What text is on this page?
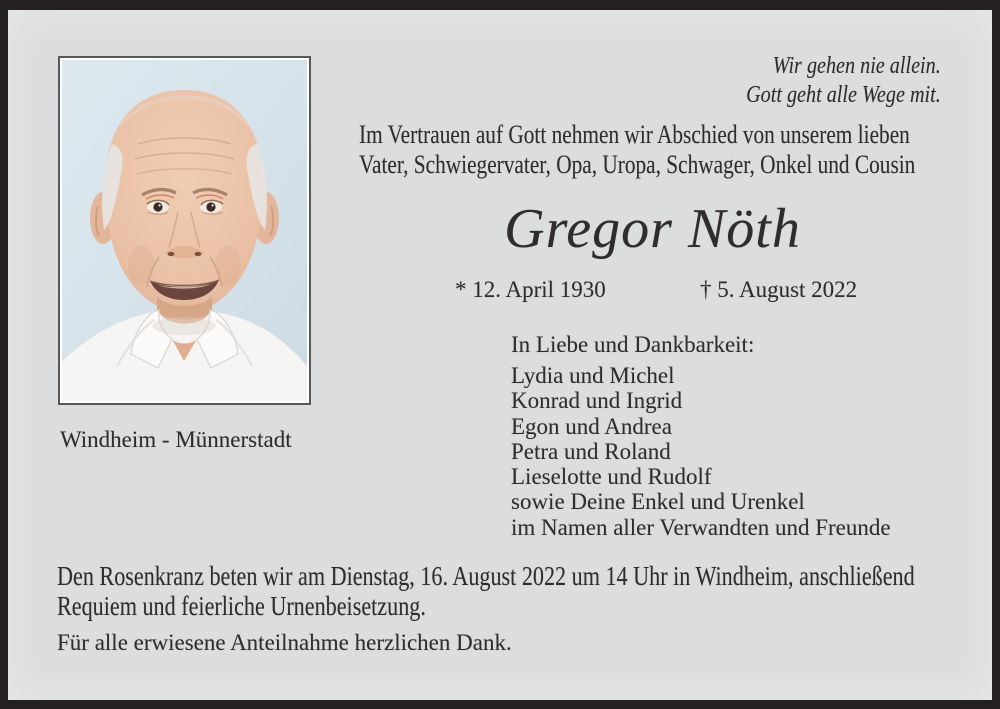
Windheim - Münnerstadt
Wir gehen nie allein.
Gott geht alle Wege mit.
Im Vertrauen auf Gott nehmen wir Abschied von unserem lieben
Vater, Schwiegervater, Opa, Uropa, Schwager, Onkel und Cousin
Gregor Nöth
* 12. April 1930	† 5. August 2022
In Liebe und Dankbarkeit:
Lydia und Michel
Konrad und Ingrid
Egon und Andrea
Petra und Roland
Lieselotte und Rudolf
sowie Deine Enkel und Urenkel
im Namen aller Verwandten und Freunde
Den Rosenkranz beten wir am Dienstag, 16. August 2022 um 14 Uhr in Windheim, anschließend
Requiem und feierliche Urnenbeisetzung.
Für alle erwiesene Anteilnahme herzlichen Dank.
